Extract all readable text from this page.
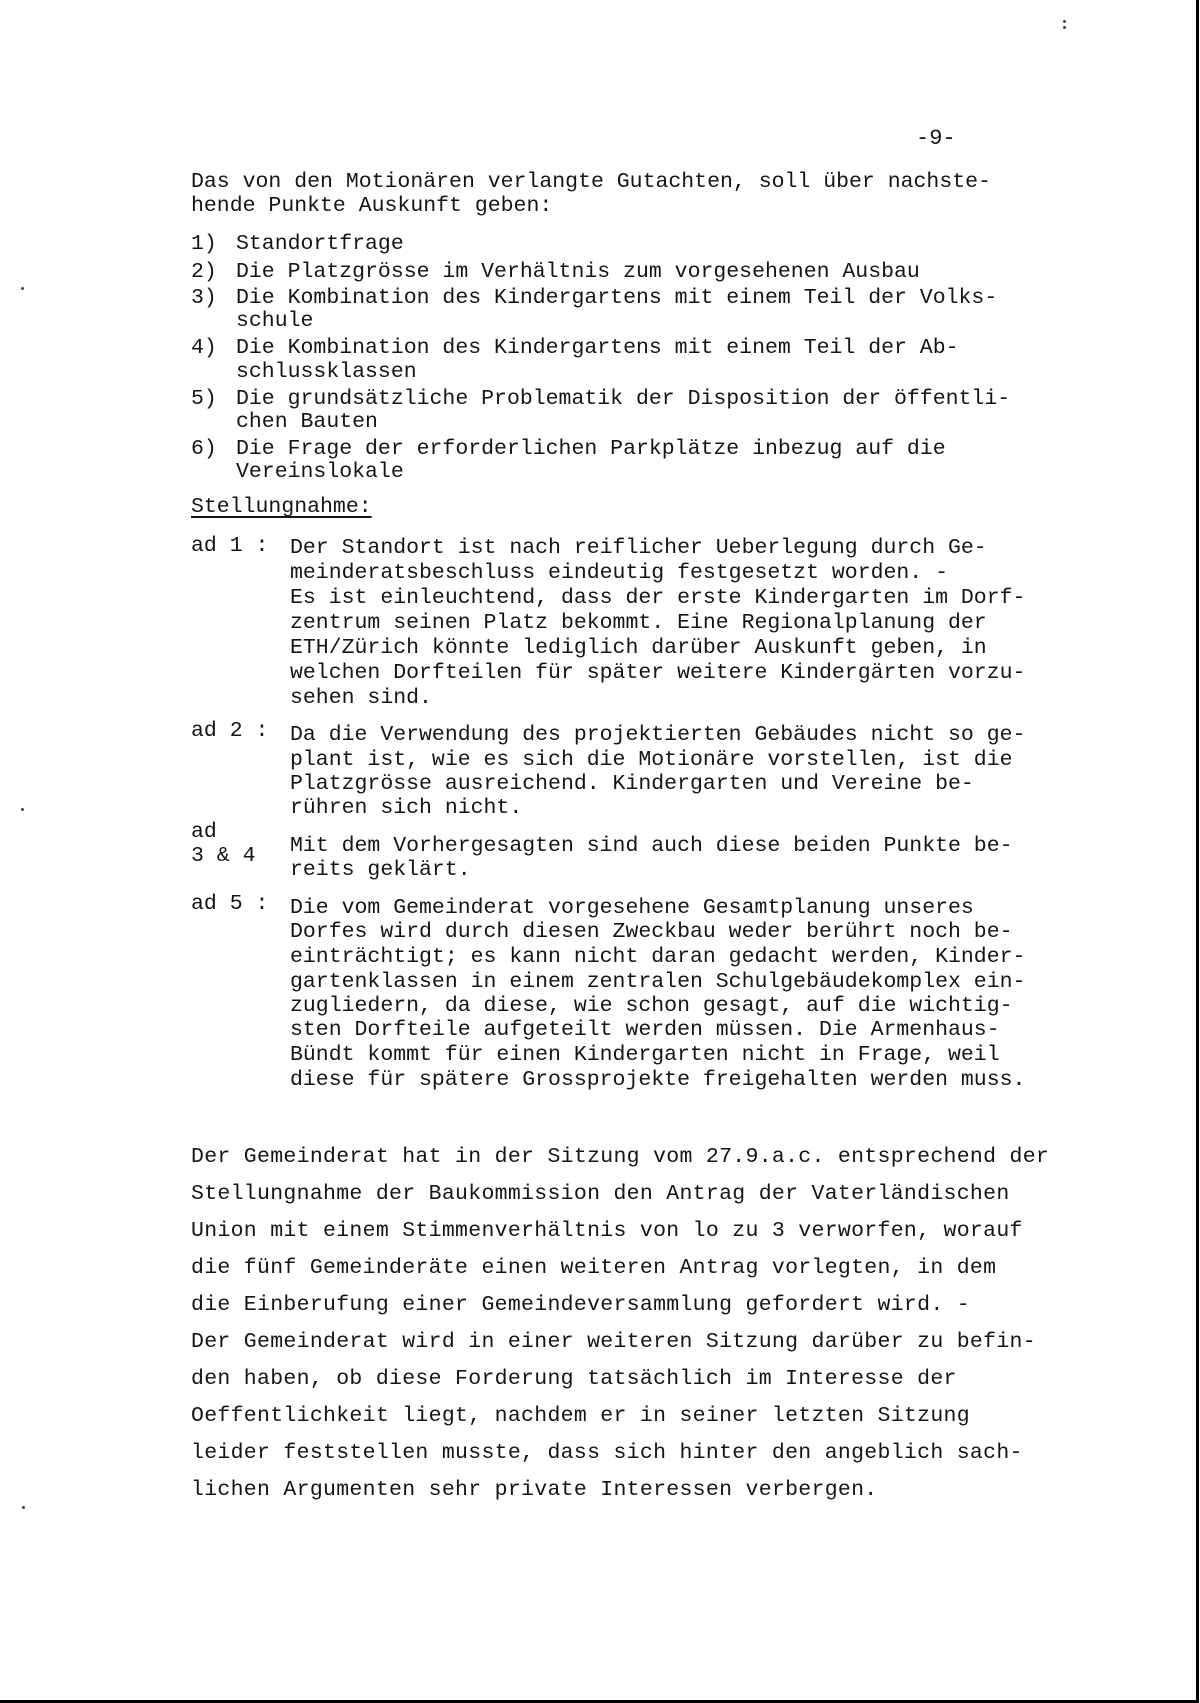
-9-
Das von den Motionären verlangte Gutachten, soll über nachste-
hende Punkte Auskunft geben:
1) Standortfrage
2) Die Platzgrösse im Verhältnis zum vorgesehenen Ausbau
3) Die Kombination des Kindergartens mit einem Teil der Volks-
schule
4) Die Kombination des Kindergartens mit einem Teil der Ab-
schlussklassen
5) Die grundsätzliche Problematik der Disposition der öffentli-
chen Bauten
6) Die Frage der erforderlichen Parkplätze inbezug auf die
Vereinslokale
Stellungnahme:
ad 1 : Der Standort ist nach reiflicher Ueberlegung durch Ge-
meinderatsbeschluss eindeutig festgesetzt worden. -
Es ist einleuchtend, dass der erste Kindergarten im Dorf-
zentrum seinen Platz bekommt. Eine Regionalplanung der
ETH/Zürich könnte lediglich darüber Auskunft geben, in
welchen Dorfteilen für später weitere Kindergärten vorzu-
sehen sind.
ad 2 : Da die Verwendung des projektierten Gebäudes nicht so ge-
plant ist, wie es sich die Motionäre vorstellen, ist die
Platzgrösse ausreichend. Kindergarten und Vereine be-
rühren sich nicht.
ad
3 & 4 Mit dem Vorhergesagten sind auch diese beiden Punkte be-
reits geklärt.
ad 5 : Die vom Gemeinderat vorgesehene Gesamtplanung unseres
Dorfes wird durch diesen Zweckbau weder berührt noch be-
einträchtigt; es kann nicht daran gedacht werden, Kinder-
gartenklassen in einem zentralen Schulgebäudekomplex ein-
zugliedern, da diese, wie schon gesagt, auf die wichtig-
sten Dorfteile aufgeteilt werden müssen. Die Armenhaus-
Bündt kommt für einen Kindergarten nicht in Frage, weil
diese für spätere Grossprojekte freigehalten werden muss.
Der Gemeinderat hat in der Sitzung vom 27.9.a.c. entsprechend der
Stellungnahme der Baukommission den Antrag der Vaterländischen
Union mit einem Stimmenverhältnis von lo zu 3 verworfen, worauf
die fünf Gemeinderäte einen weiteren Antrag vorlegten, in dem
die Einberufung einer Gemeindeversammlung gefordert wird. -
Der Gemeinderat wird in einer weiteren Sitzung darüber zu befin-
den haben, ob diese Forderung tatsächlich im Interesse der
Oeffentlichkeit liegt, nachdem er in seiner letzten Sitzung
leider feststellen musste, dass sich hinter den angeblich sach-
lichen Argumenten sehr private Interessen verbergen.
